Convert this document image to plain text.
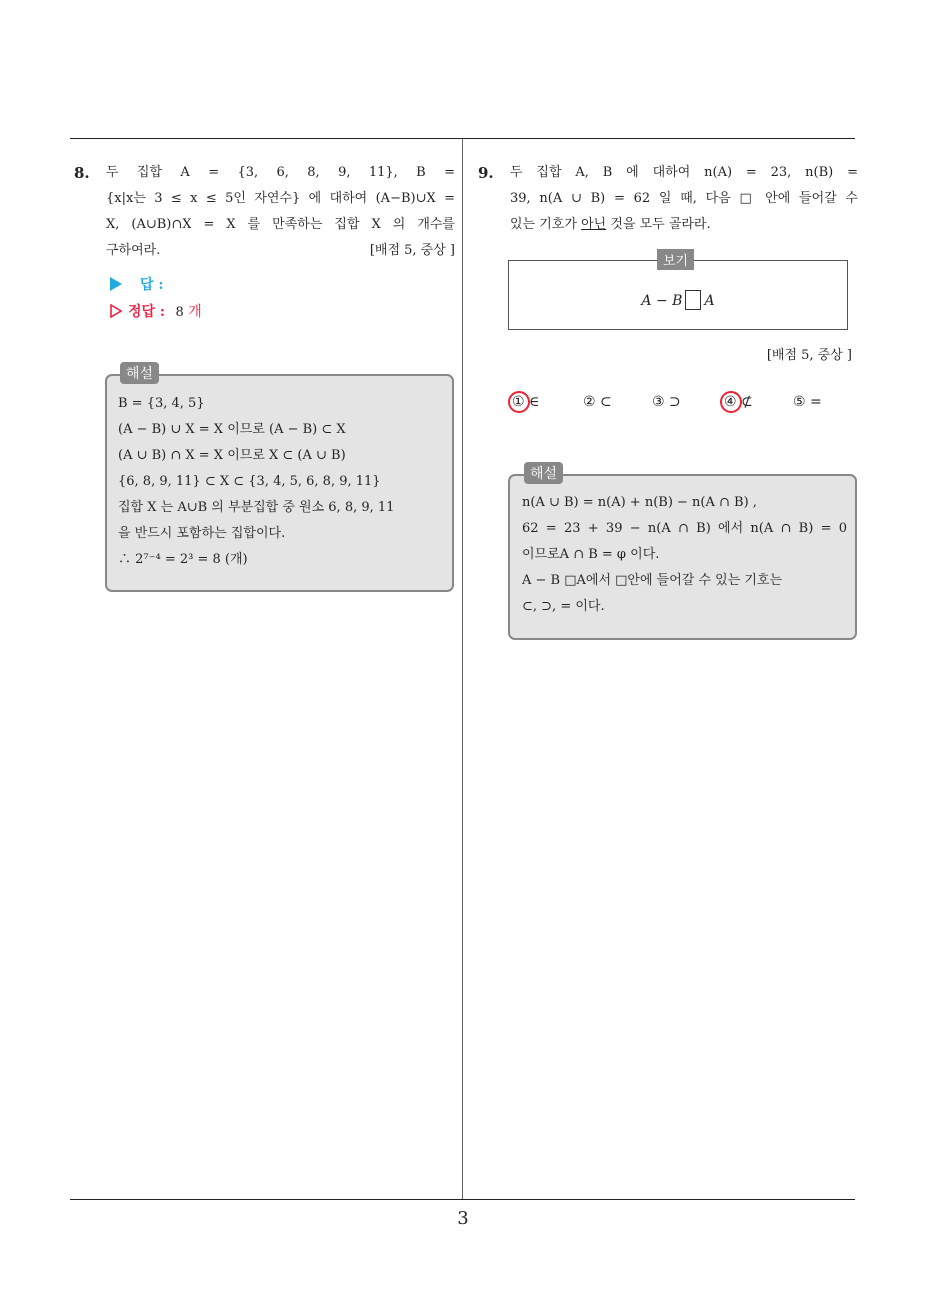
3
8. 두 집합 A = {3, 6, 8, 9, 11}, B =
{x|x는 3 ≤ x ≤ 5인 자연수} 에 대하여 (A−B)∪X =
X, (A∪B)∩X = X 를 만족하는 집합 X 의 개수를
구하여라.	[배점 5, 중상 ]
답 :
정답 : 8 개
해설
B = {3, 4, 5}
(A − B) ∪ X = X 이므로 (A − B) ⊂ X
(A ∪ B) ∩ X = X 이므로 X ⊂ (A ∪ B)
{6, 8, 9, 11} ⊂ X ⊂ {3, 4, 5, 6, 8, 9, 11}
집합 X 는 A∪B 의 부분집합 중 원소 6, 8, 9, 11
을 반드시 포함하는 집합이다.
∴ 2⁷⁻⁴ = 2³ = 8 (개)
9. 두 집합 A, B 에 대하여 n(A) = 23, n(B) =
39, n(A ∪ B) = 62 일 때, 다음 □ 안에 들어갈 수
있는 기호가 아닌 것을 모두 골라라.
보기
A − B A
[배점 5, 중상 ]
① ∈	② ⊂	③ ⊃	④ ⊄	⑤ =
해설
n(A ∪ B) = n(A) + n(B) − n(A ∩ B) ,
62 = 23 + 39 − n(A ∩ B) 에서 n(A ∩ B) = 0
이므로A ∩ B = φ 이다.
A − B □A에서 □안에 들어갈 수 있는 기호는
⊂, ⊃, = 이다.
